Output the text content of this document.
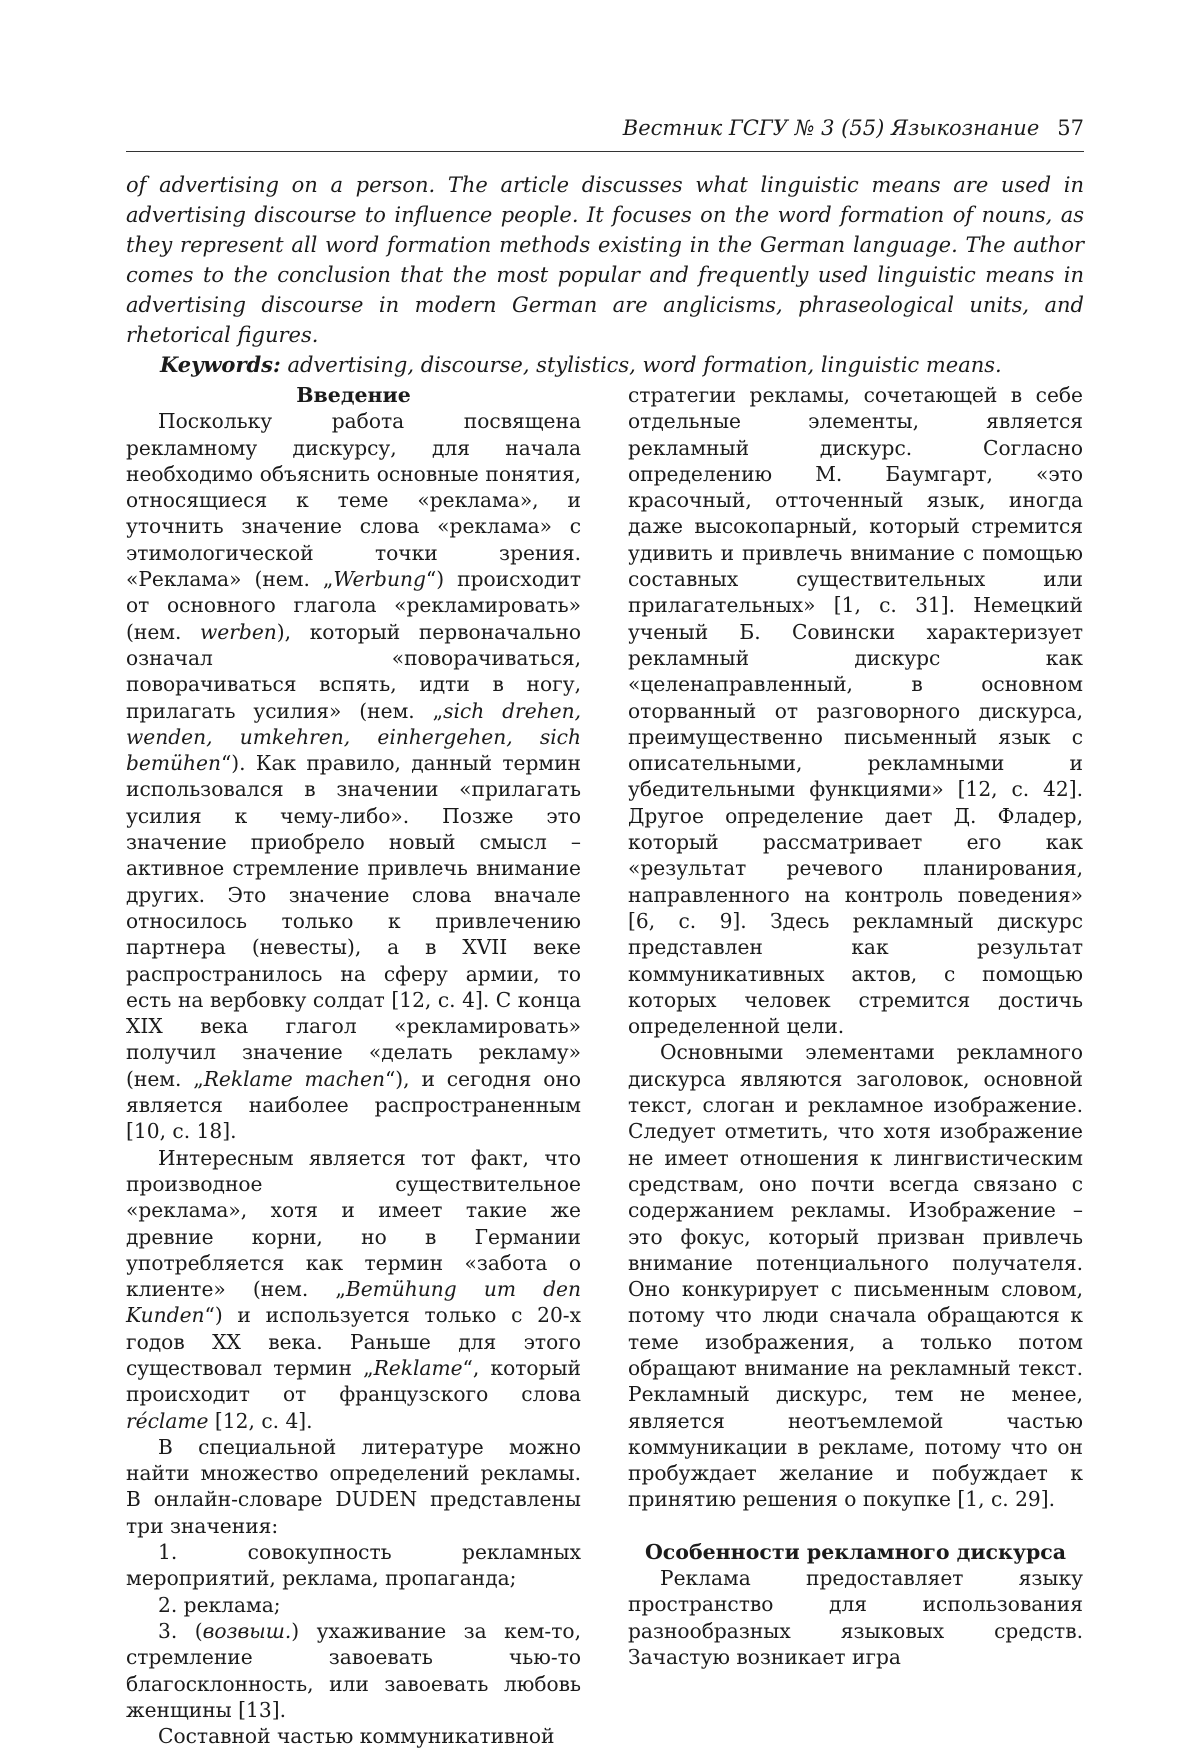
Вестник ГСГУ № 3 (55) Языкознание 57

of advertising on a person. The article discusses what linguistic means are used in advertising discourse to influence people. It focuses on the word formation of nouns, as they represent all word formation methods existing in the German language. The author comes to the conclusion that the most popular and frequently used linguistic means in advertising discourse in modern German are anglicisms, phraseological units, and rhetorical figures.

Keywords: advertising, discourse, stylistics, word formation, linguistic means.

Введение

Поскольку работа посвящена рекламному дискурсу, для начала необходимо объяснить основные понятия, относящиеся к теме «реклама», и уточнить значение слова «реклама» с этимологической точки зрения. «Реклама» (нем. „Werbung“) происходит от основного глагола «рекламировать» (нем. werben), который первоначально означал «поворачиваться, поворачиваться вспять, идти в ногу, прилагать усилия» (нем. „sich drehen, wenden, umkehren, einhergehen, sich bemühen“). Как правило, данный термин использовался в значении «прилагать усилия к чему-либо». Позже это значение приобрело новый смысл – активное стремление привлечь внимание других. Это значение слова вначале относилось только к привлечению партнера (невесты), а в XVII веке распространилось на сферу армии, то есть на вербовку солдат [12, с. 4]. С конца XIX века глагол «рекламировать» получил значение «делать рекламу» (нем. „Reklame machen“), и сегодня оно является наиболее распространенным [10, с. 18].

Интересным является тот факт, что производное существительное «реклама», хотя и имеет такие же древние корни, но в Германии употребляется как термин «забота о клиенте» (нем. „Bemühung um den Kunden“) и используется только с 20-х годов XX века. Раньше для этого существовал термин „Reklame“, который происходит от французского слова réclame [12, с. 4].

В специальной литературе можно найти множество определений рекламы. В онлайн-словаре DUDEN представлены три значения:

1. совокупность рекламных мероприятий, реклама, пропаганда;

2. реклама;

3. (возвыш.) ухаживание за кем-то, стремление завоевать чью-то благосклонность, или завоевать любовь женщины [13].

Составной частью коммуникативной

стратегии рекламы, сочетающей в себе отдельные элементы, является рекламный дискурс. Согласно определению М. Баумгарт, «это красочный, отточенный язык, иногда даже высокопарный, который стремится удивить и привлечь внимание с помощью составных существительных или прилагательных» [1, с. 31]. Немецкий ученый Б. Совински характеризует рекламный дискурс как «целенаправленный, в основном оторванный от разговорного дискурса, преимущественно письменный язык с описательными, рекламными и убедительными функциями» [12, с. 42]. Другое определение дает Д. Фладер, который рассматривает его как «результат речевого планирования, направленного на контроль поведения» [6, с. 9]. Здесь рекламный дискурс представлен как результат коммуникативных актов, с помощью которых человек стремится достичь определенной цели.

Основными элементами рекламного дискурса являются заголовок, основной текст, слоган и рекламное изображение. Следует отметить, что хотя изображение не имеет отношения к лингвистическим средствам, оно почти всегда связано с содержанием рекламы. Изображение – это фокус, который призван привлечь внимание потенциального получателя. Оно конкурирует с письменным словом, потому что люди сначала обращаются к теме изображения, а только потом обращают внимание на рекламный текст. Рекламный дискурс, тем не менее, является неотъемлемой частью коммуникации в рекламе, потому что он пробуждает желание и побуждает к принятию решения о покупке [1, с. 29].

Особенности рекламного дискурса

Реклама предоставляет языку пространство для использования разнообразных языковых средств. Зачастую возникает игра
